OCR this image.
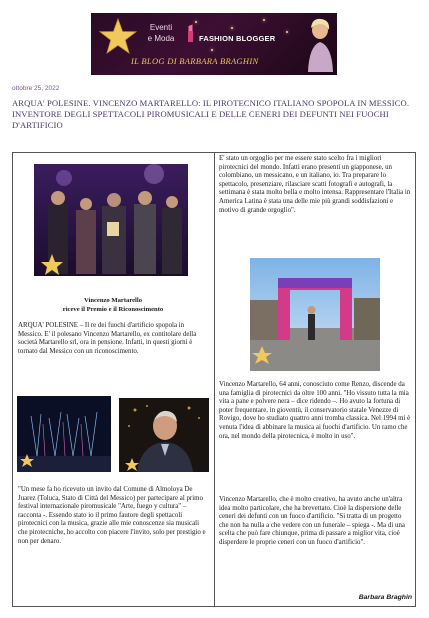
Eventi
e Moda	FASHION BLOGGER
IL BLOG DI BARBARA BRAGHIN
ottobre 25, 2022
ARQUA' POLESINE. VINCENZO MARTARELLO: IL PIROTECNICO ITALIANO SPOPOLA IN MESSICO. INVENTORE DEGLI SPETTACOLI PIROMUSICALI E DELLE CENERI DEI DEFUNTI NEI FUOCHI D'ARTIFICIO
Vincenzo Martarello
riceve il Premio e il Riconoscimento
ARQUA' POLESINE – Il re dei fuochi d'artificio spopola in Messico. E' il polesano Vincenzo Martarello, ex contitolare della società Martarello srl, ora in pensione. Infatti, in questi giorni è tornato dal Messico con un riconoscimento.
"Un mese fa ho ricevuto un invito dal Comune di Almoloya De Juarez (Toluca, Stato di Città del Messico) per partecipare al primo festival internazionale piromusicale "Arte, fuego y cultura" – racconta -. Essendo stato io il primo fautore degli spettacoli pirotecnici con la musica, grazie alle mie conoscenze sia musicali che pirotecniche, ho accolto con piacere l'invito, solo per prestigio e non per denaro.
E' stato un orgoglio per me essere stato scelto fra i migliori pirotecnici del mondo. Infatti erano presenti un giapponese, un colombiano, un messicano, e un italiano, io. Tra preparare lo spettacolo, presenziare, rilasciare scatti fotografi e autografi, la settimana è stata molto bella e molto intensa. Rappresentare l'Italia in America Latina è stata una delle mie più grandi soddisfazioni e motivo di grande orgoglio".
Vincenzo Martarello, 64 anni, conosciuto come Renzo, discende da una famiglia di pirotecnici da oltre 100 anni. "Ho vissuto tutta la mia vita a pane e polvere nera – dice ridendo –. Ho avuto la fortuna di poter frequentare, in gioventù, il conservatorio statale Venezze di Rovigo, dove ho studiato quattro anni tromba classica. Nel 1994 mi è venuta l'idea di abbinare la musica ai fuochi d'artificio. Un ramo che ora, nel mondo della pirotecnica, è molto in uso".
Vincenzo Martarello, che è molto creativo, ha avuto anche un'altra idea molto particolare, che ha brevettato. Cioè la dispersione delle ceneri dei defunti con un fuoco d'artificio. "Si tratta di un progetto che non ha nulla a che vedere con un funerale – spiega -. Ma di una scelta che può fare chiunque, prima di passare a miglior vita, cioè disperdere le proprie ceneri con un fuoco d'artificio".
Barbara Braghin
